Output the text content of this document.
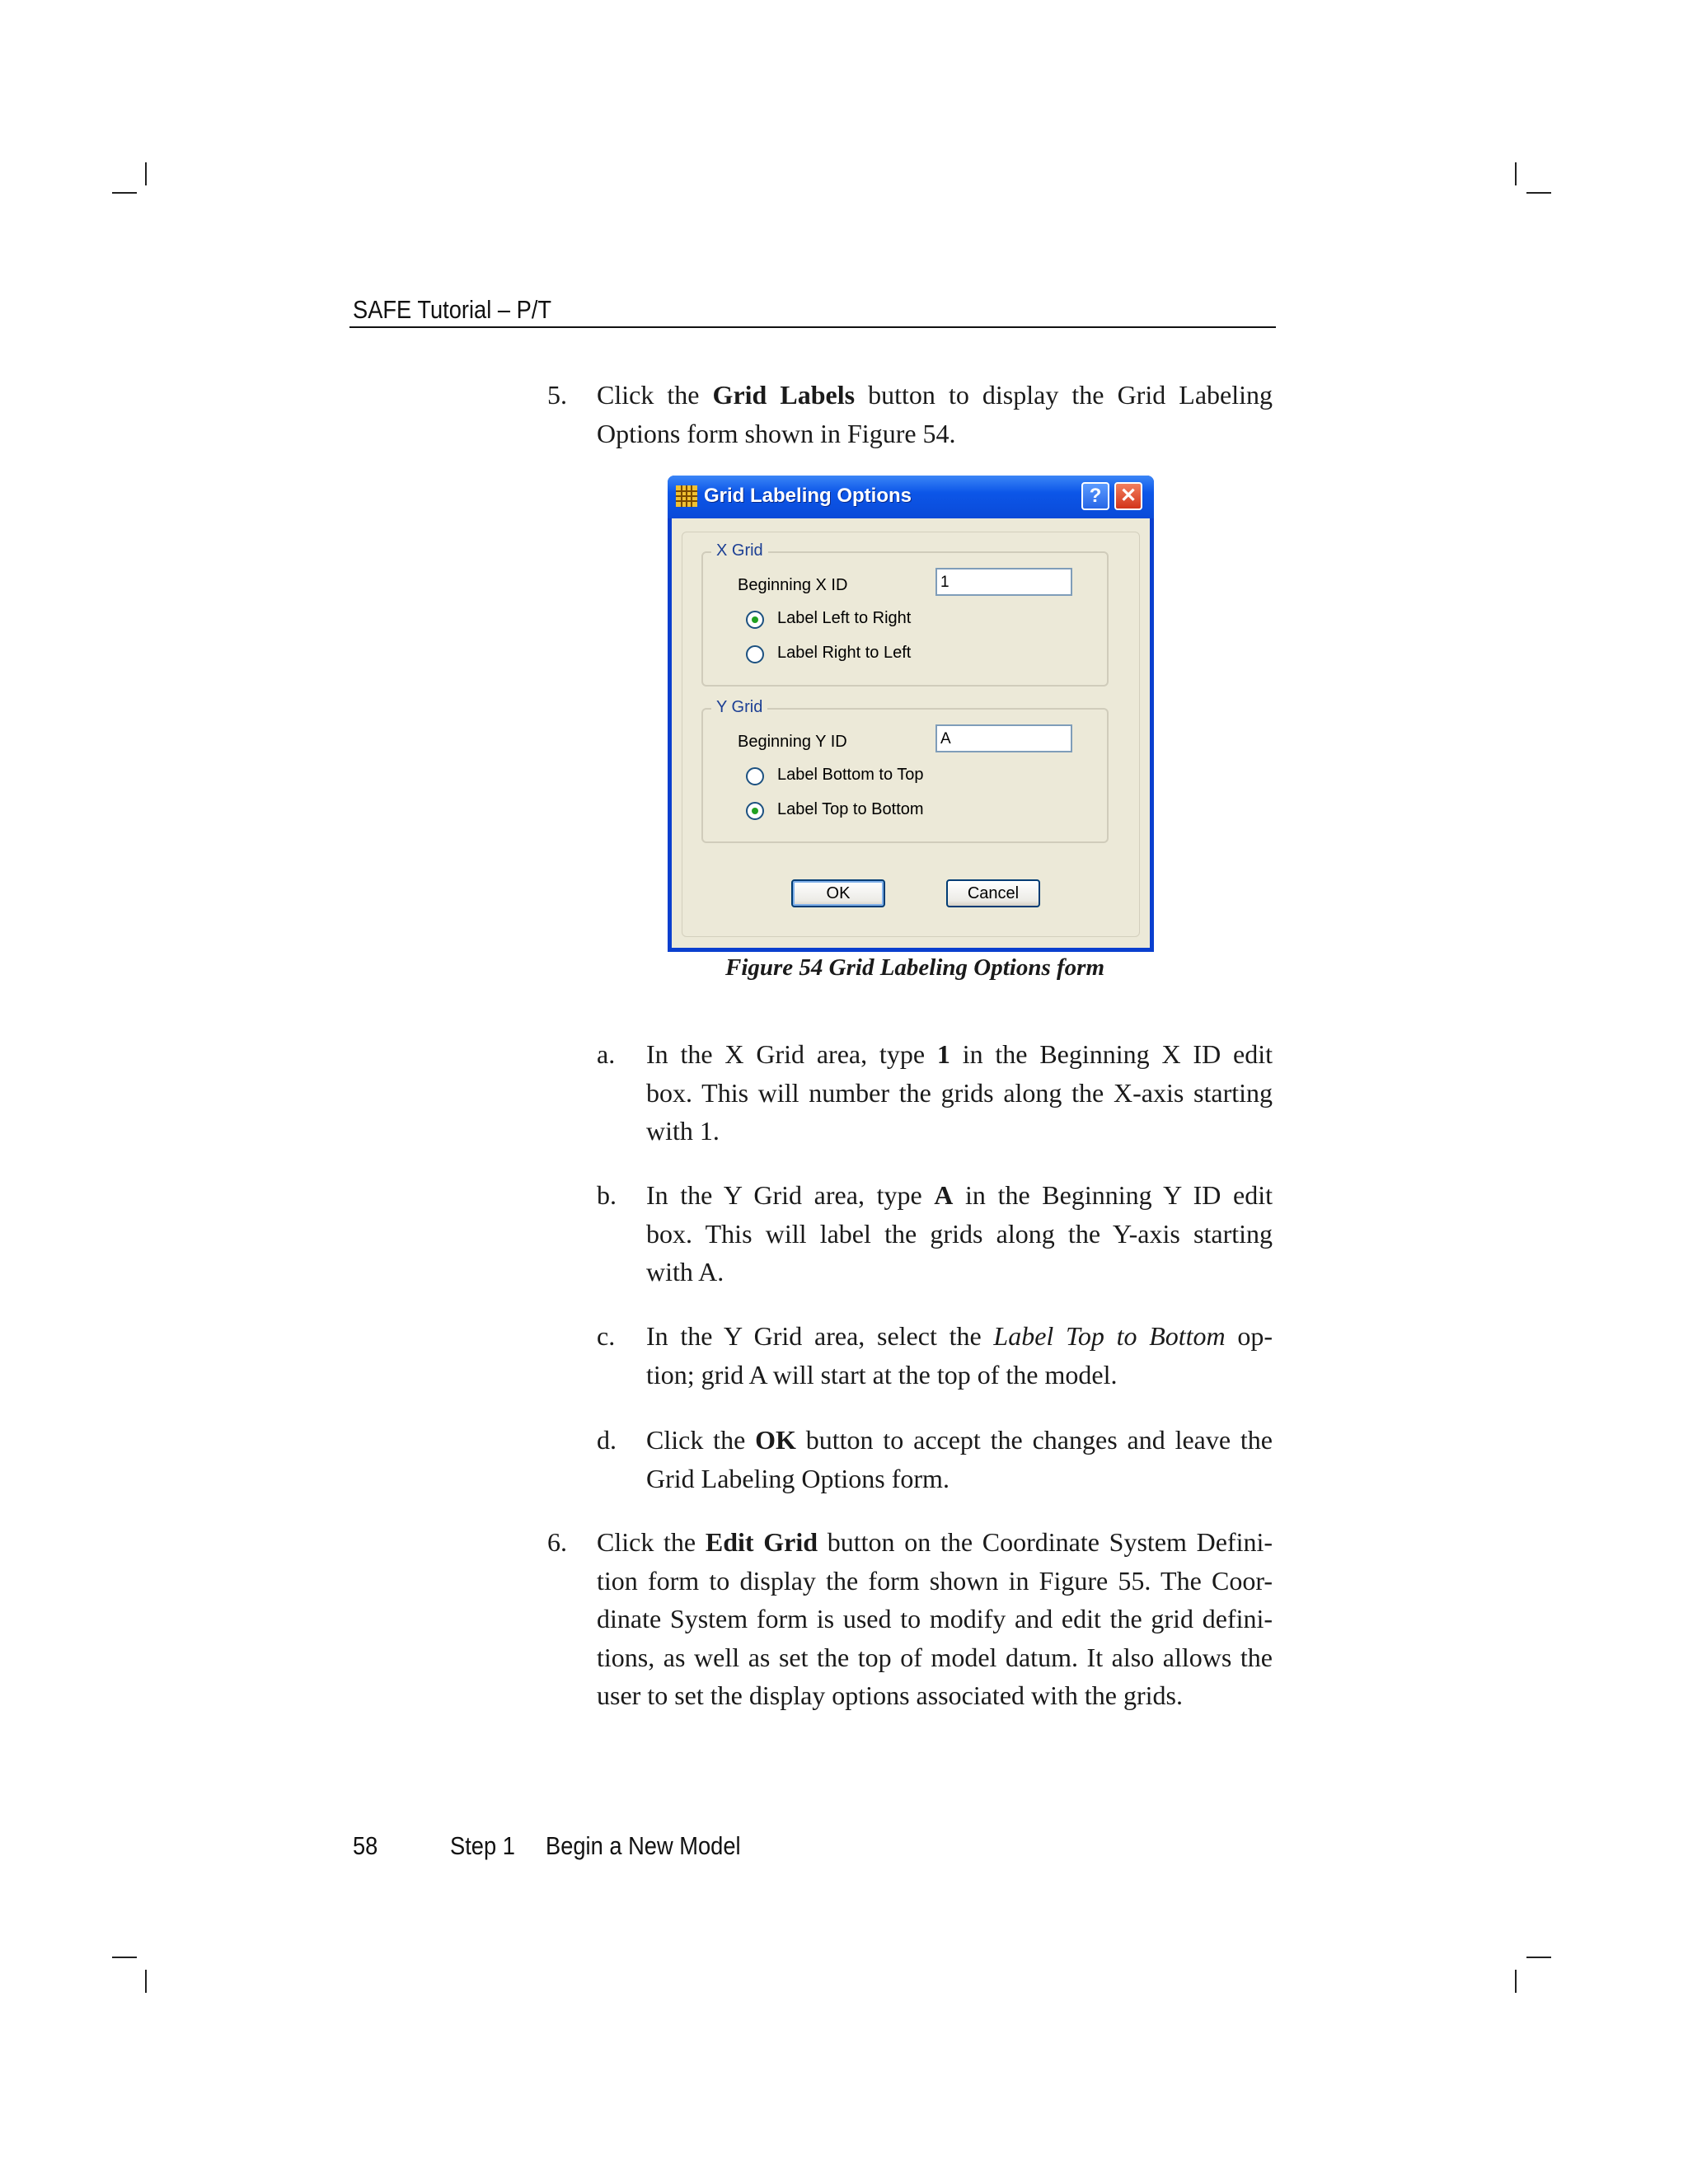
SAFE Tutorial – P/T
5. Click the Grid Labels button to display the Grid Labeling
Options form shown in Figure 54.
Grid Labeling Options	? ✕
X Grid
Beginning X ID	1
Label Left to Right
Label Right to Left
Y Grid
Beginning Y ID	A
Label Bottom to Top
Label Top to Bottom
OK	Cancel
Figure 54 Grid Labeling Options form
a. In the X Grid area, type 1 in the Beginning X ID edit
box. This will number the grids along the X-axis starting
with 1.
b. In the Y Grid area, type A in the Beginning Y ID edit
box. This will label the grids along the Y-axis starting
with A.
c. In the Y Grid area, select the Label Top to Bottom op-
tion; grid A will start at the top of the model.
d. Click the OK button to accept the changes and leave the
Grid Labeling Options form.
6. Click the Edit Grid button on the Coordinate System Defini-
tion form to display the form shown in Figure 55. The Coor-
dinate System form is used to modify and edit the grid defini-
tions, as well as set the top of model datum. It also allows the
user to set the display options associated with the grids.
58	Step 1 Begin a New Model
